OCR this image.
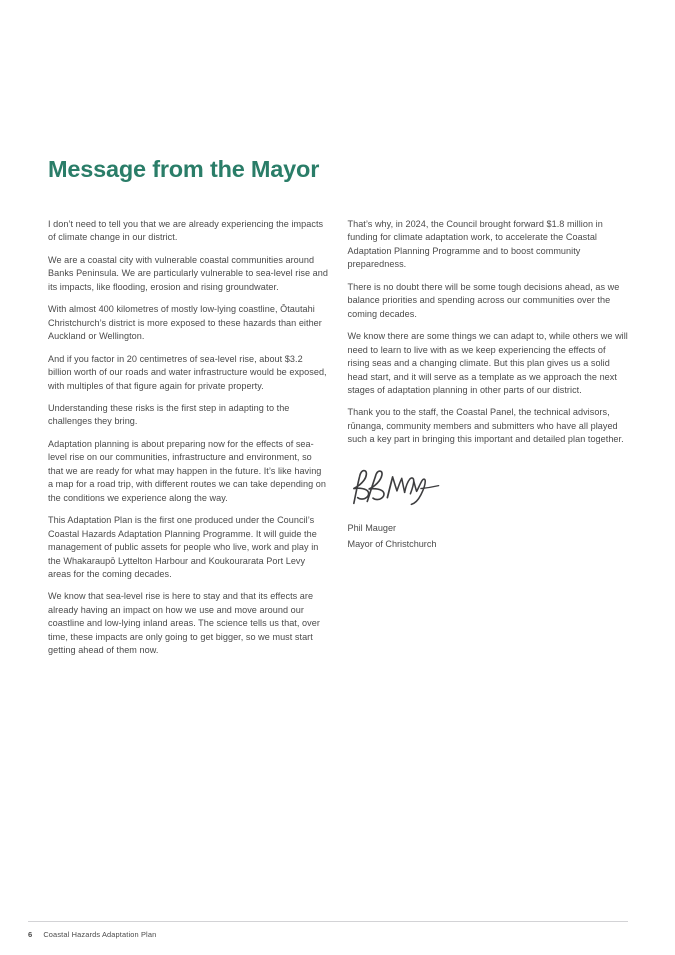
Message from the Mayor

I don’t need to tell you that we are already experiencing the impacts of climate change in our district.

We are a coastal city with vulnerable coastal communities around Banks Peninsula. We are particularly vulnerable to sea-level rise and its impacts, like flooding, erosion and rising groundwater.

With almost 400 kilometres of mostly low-lying coastline, Ōtautahi Christchurch’s district is more exposed to these hazards than either Auckland or Wellington.

And if you factor in 20 centimetres of sea-level rise, about $3.2 billion worth of our roads and water infrastructure would be exposed, with multiples of that figure again for private property.

Understanding these risks is the first step in adapting to the challenges they bring.

Adaptation planning is about preparing now for the effects of sea-level rise on our communities, infrastructure and environment, so that we are ready for what may happen in the future. It’s like having a map for a road trip, with different routes we can take depending on the conditions we experience along the way.

This Adaptation Plan is the first one produced under the Council’s Coastal Hazards Adaptation Planning Programme. It will guide the management of public assets for people who live, work and play in the Whakaraupō Lyttelton Harbour and Koukourarata Port Levy areas for the coming decades.

We know that sea-level rise is here to stay and that its effects are already having an impact on how we use and move around our coastline and low-lying inland areas. The science tells us that, over time, these impacts are only going to get bigger, so we must start getting ahead of them now.

That’s why, in 2024, the Council brought forward $1.8 million in funding for climate adaptation work, to accelerate the Coastal Adaptation Planning Programme and to boost community preparedness.

There is no doubt there will be some tough decisions ahead, as we balance priorities and spending across our communities over the coming decades.

We know there are some things we can adapt to, while others we will need to learn to live with as we keep experiencing the effects of rising seas and a changing climate. But this plan gives us a solid head start, and it will serve as a template as we approach the next stages of adaptation planning in other parts of our district.

Thank you to the staff, the Coastal Panel, the technical advisors, rūnanga, community members and submitters who have all played such a key part in bringing this important and detailed plan together.

Phil Mauger

Mayor of Christchurch

6 Coastal Hazards Adaptation Plan
